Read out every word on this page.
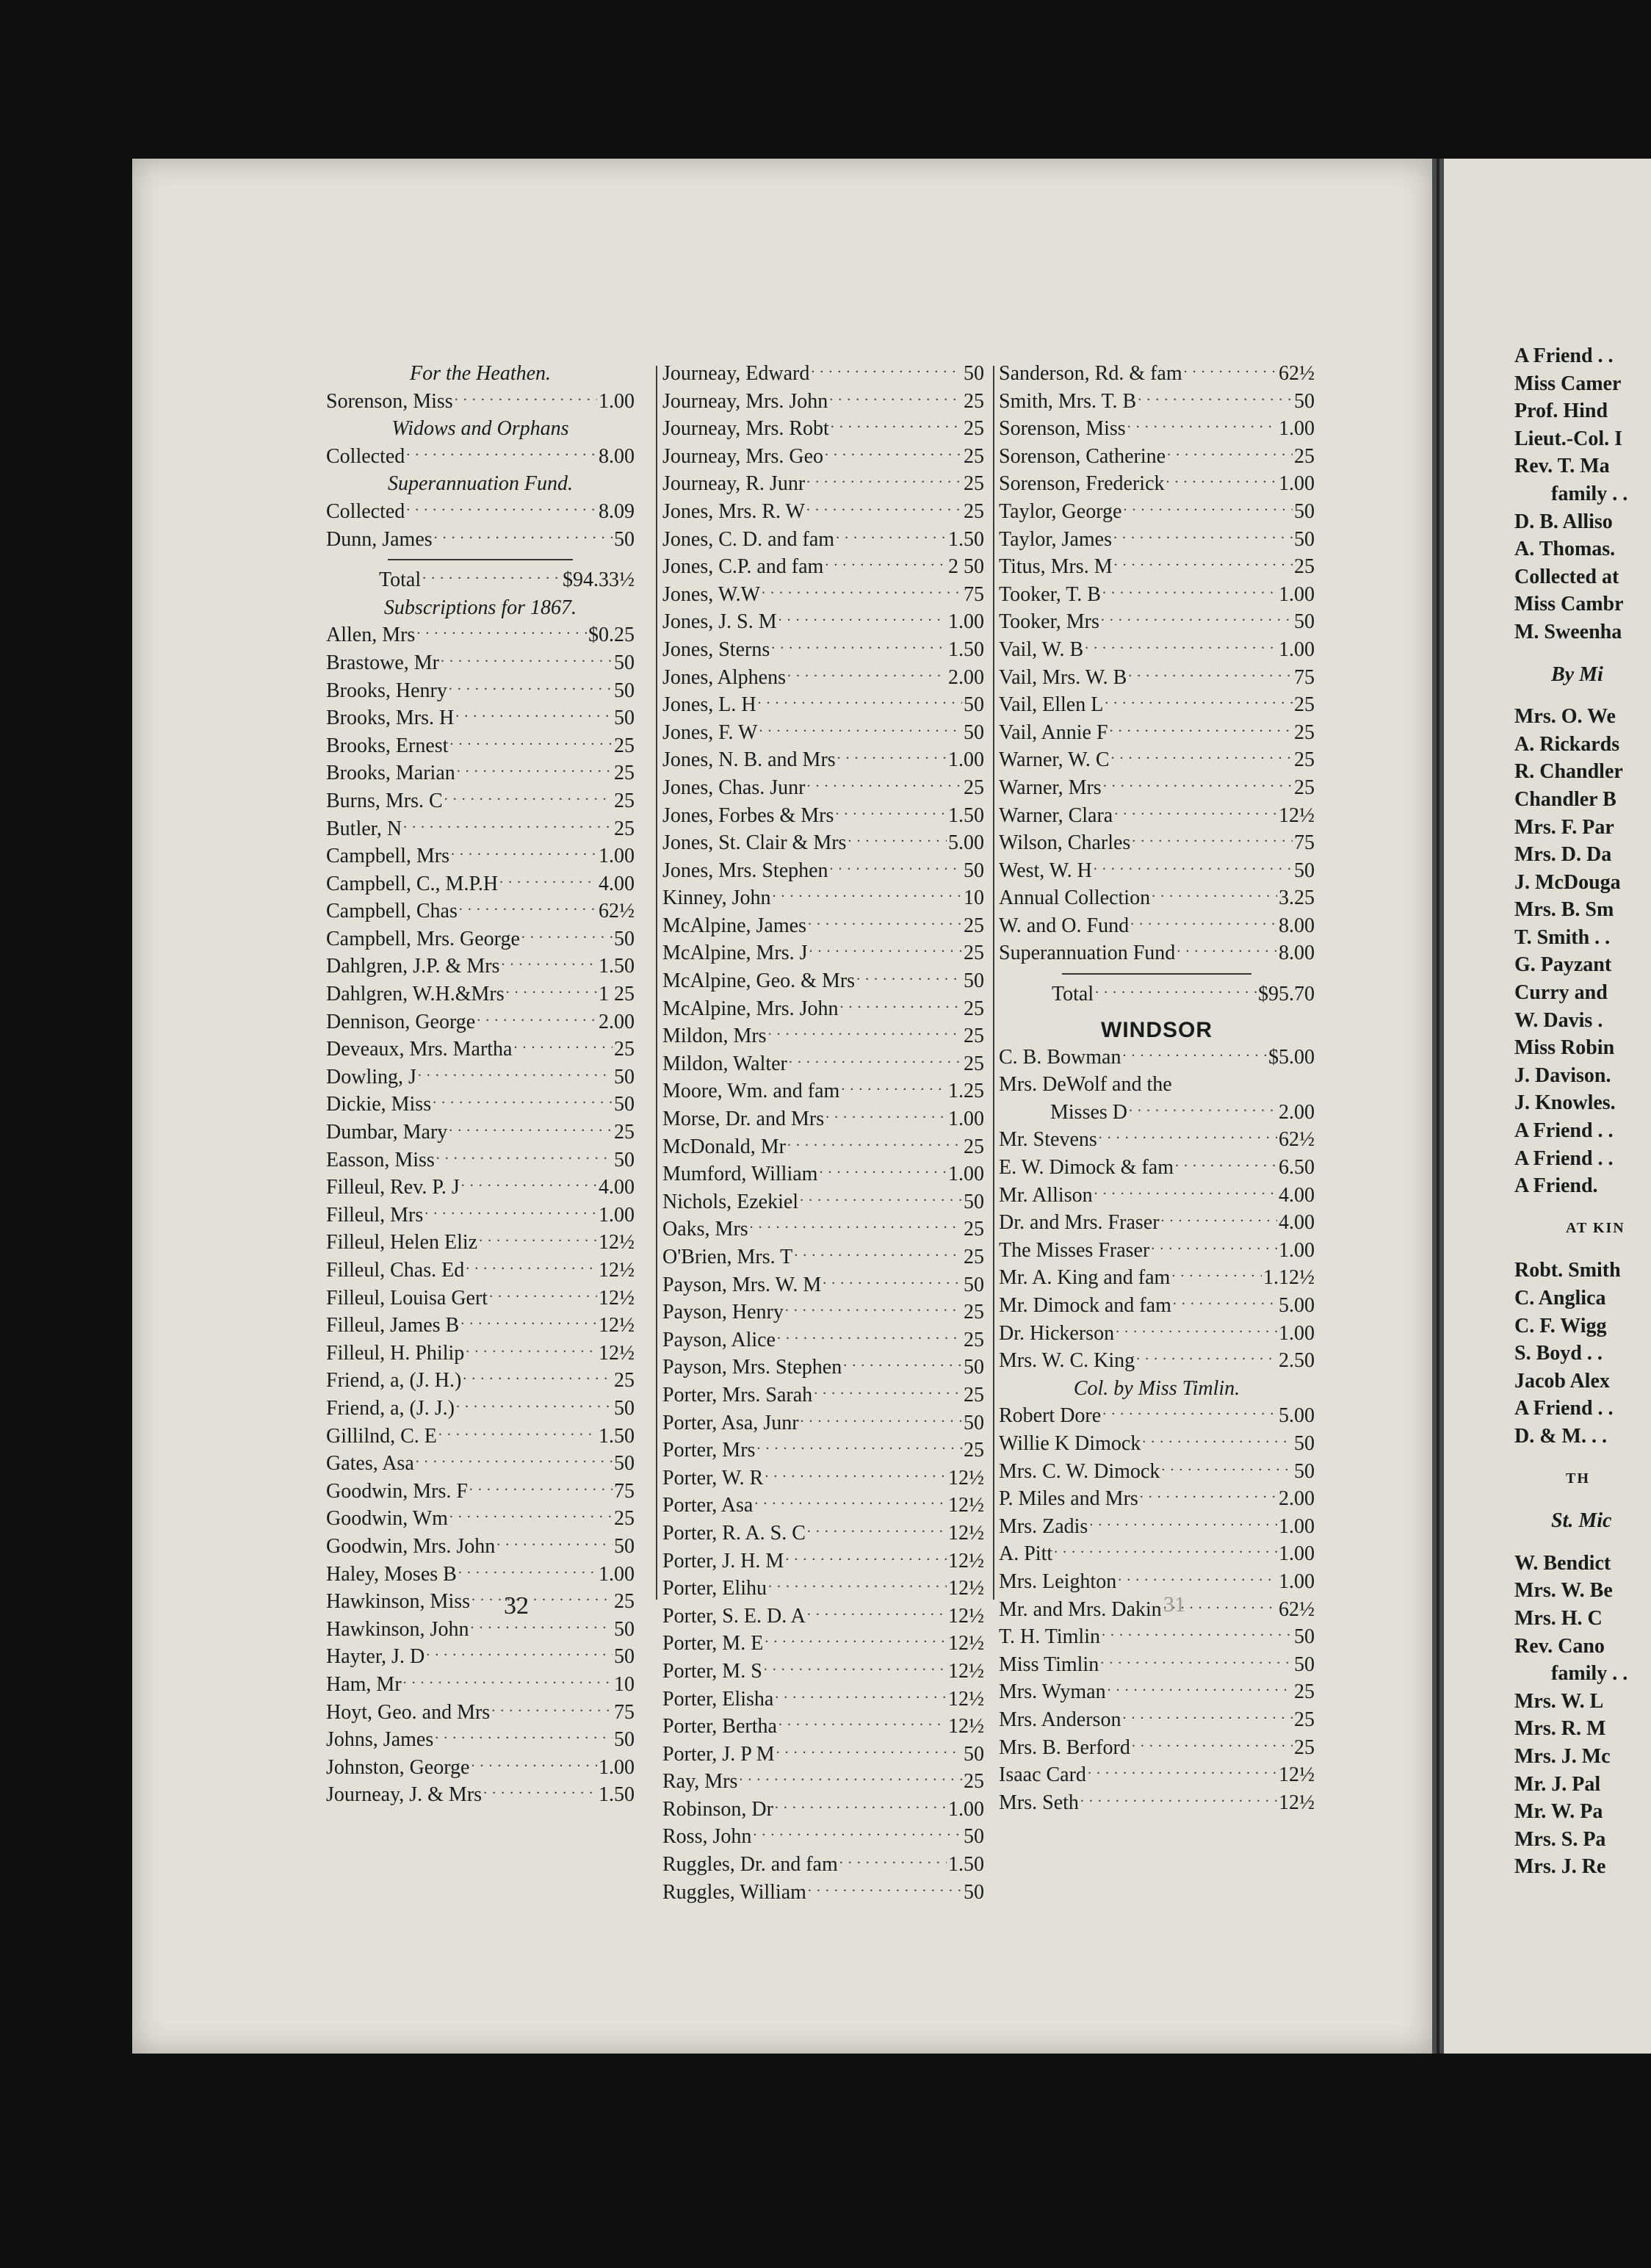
For the Heathen.
Sorenson, Miss . . .	1.00
Widows and Orphans
Collected . . .	8.00
Superannuation Fund.
Collected . . .	8.09
Dunn, James . . .	50
Total . . .	$94.33½
Subscriptions for 1867.
Allen, Mrs . . .	$0.25
Brastowe, Mr . . .	50
Brooks, Henry . . .	50
Brooks, Mrs. H . . .	50
Brooks, Ernest . . .	25
Brooks, Marian . . .	25
Burns, Mrs. C . . .	25
Butler, N . . .	25
Campbell, Mrs . . .	1.00
Campbell, C., M.P.H . . .	4.00
Campbell, Chas . . .	62½
Campbell, Mrs. George . . .	50
Dahlgren, J.P. & Mrs . . .	1.50
Dahlgren, W.H.&Mrs . . .	1 25
Dennison, George . . .	2.00
Deveaux, Mrs. Martha . . .	25
Dowling, J . . .	50
Dickie, Miss . . .	50
Dumbar, Mary . . .	25
Easson, Miss . . .	50
Filleul, Rev. P. J . . .	4.00
Filleul, Mrs . . .	1.00
Filleul, Helen Eliz . . .	12½
Filleul, Chas. Ed . . .	12½
Filleul, Louisa Gert . . .	12½
Filleul, James B . . .	12½
Filleul, H. Philip . . .	12½
Friend, a, (J. H.) . . .	25
Friend, a, (J. J.) . . .	50
Gillilnd, C. E . . .	1.50
Gates, Asa . . .	50
Goodwin, Mrs. F . . .	75
Goodwin, Wm . . .	25
Goodwin, Mrs. John . . .	50
Haley, Moses B . . .	1.00
Hawkinson, Miss . . .	25
Hawkinson, John . . .	50
Hayter, J. D . . .	50
Ham, Mr . . .	10
Hoyt, Geo. and Mrs . . .	75
Johns, James . . .	50
Johnston, George . . .	1.00
Journeay, J. & Mrs . . .	1.50
Journeay, Edward . . .	50
Journeay, Mrs. John . . .	25
Journeay, Mrs. Robt . . .	25
Journeay, Mrs. Geo . . .	25
Journeay, R. Junr . . .	25
Jones, Mrs. R. W . . .	25
Jones, C. D. and fam . . .	1.50
Jones, C.P. and fam . . .	2 50
Jones, W.W . . .	75
Jones, J. S. M . . .	1.00
Jones, Sterns . . .	1.50
Jones, Alphens . . .	2.00
Jones, L. H . . .	50
Jones, F. W . . .	50
Jones, N. B. and Mrs . . .	1.00
Jones, Chas. Junr . . .	25
Jones, Forbes & Mrs . . .	1.50
Jones, St. Clair & Mrs . . .	5.00
Jones, Mrs. Stephen . . .	50
Kinney, John . . .	10
McAlpine, James . . .	25
McAlpine, Mrs. J . . .	25
McAlpine, Geo. & Mrs . . .	50
McAlpine, Mrs. John . . .	25
Mildon, Mrs . . .	25
Mildon, Walter . . .	25
Moore, Wm. and fam . . .	1.25
Morse, Dr. and Mrs . . .	1.00
McDonald, Mr . . .	25
Mumford, William . . .	1.00
Nichols, Ezekiel . . .	50
Oaks, Mrs . . .	25
O'Brien, Mrs. T . . .	25
Payson, Mrs. W. M . . .	50
Payson, Henry . . .	25
Payson, Alice . . .	25
Payson, Mrs. Stephen . . .	50
Porter, Mrs. Sarah . . .	25
Porter, Asa, Junr . . .	50
Porter, Mrs . . .	25
Porter, W. R . . .	12½
Porter, Asa . . .	12½
Porter, R. A. S. C . . .	12½
Porter, J. H. M . . .	12½
Porter, Elihu . . .	12½
Porter, S. E. D. A . . .	12½
Porter, M. E . . .	12½
Porter, M. S . . .	12½
Porter, Elisha . . .	12½
Porter, Bertha . . .	12½
Porter, J. P M . . .	50
Ray, Mrs . . .	25
Robinson, Dr . . .	1.00
Ross, John . . .	50
Ruggles, Dr. and fam . . .	1.50
Ruggles, William . . .	50
Sanderson, Rd. & fam . . .	62½
Smith, Mrs. T. B . . .	50
Sorenson, Miss . . .	1.00
Sorenson, Catherine . . .	25
Sorenson, Frederick . . .	1.00
Taylor, George . . .	50
Taylor, James . . .	50
Titus, Mrs. M . . .	25
Tooker, T. B . . .	1.00
Tooker, Mrs . . .	50
Vail, W. B . . .	1.00
Vail, Mrs. W. B . . .	75
Vail, Ellen L . . .	25
Vail, Annie F . . .	25
Warner, W. C . . .	25
Warner, Mrs . . .	25
Warner, Clara . . .	12½
Wilson, Charles . . .	75
West, W. H . . .	50
Annual Collection . . .	3.25
W. and O. Fund . . .	8.00
Superannuation Fund . . .	8.00
Total . . .	$95.70
WINDSOR
C. B. Bowman . . .	$5.00
Mrs. DeWolf and the
Misses D . . .	2.00
Mr. Stevens . . .	62½
E. W. Dimock & fam . . .	6.50
Mr. Allison . . .	4.00
Dr. and Mrs. Fraser . . .	4.00
The Misses Fraser . . .	1.00
Mr. A. King and fam . . .	1.12½
Mr. Dimock and fam . . .	5.00
Dr. Hickerson . . .	1.00
Mrs. W. C. King . . .	2.50
Col. by Miss Timlin.
Robert Dore . . .	5.00
Willie K Dimock . . .	50
Mrs. C. W. Dimock . . .	50
P. Miles and Mrs . . .	2.00
Mrs. Zadis . . .	1.00
A. Pitt . . .	1.00
Mrs. Leighton . . .	1.00
Mr. and Mrs. Dakin . . .	62½
T. H. Timlin . . .	50
Miss Timlin . . .	50
Mrs. Wyman . . .	25
Mrs. Anderson . . .	25
Mrs. B. Berford . . .	25
Isaac Card . . .	12½
Mrs. Seth . . .	12½
32	31
A Friend . .
Miss Camer
Prof. Hind
Lieut.-Col. I
Rev. T. Ma
family . .
D. B. Alliso
A. Thomas.
Collected at
Miss Cambr
M. Sweenha
By Mi
Mrs. O. We
A. Rickards
R. Chandler
Chandler B
Mrs. F. Par
Mrs. D. Da
J. McDouga
Mrs. B. Sm
T. Smith . .
G. Payzant
Curry and
W. Davis .
Miss Robin
J. Davison.
J. Knowles.
A Friend . .
A Friend . .
A Friend.
AT KIN
Robt. Smith
C. Anglica
C. F. Wigg
S. Boyd . .
Jacob Alex
A Friend . .
D. & M. . .
TH
St. Mic
W. Bendict
Mrs. W. Be
Mrs. H. C
Rev. Cano
family . .
Mrs. W. L
Mrs. R. M
Mrs. J. Mc
Mr. J. Pal
Mr. W. Pa
Mrs. S. Pa
Mrs. J. Re
